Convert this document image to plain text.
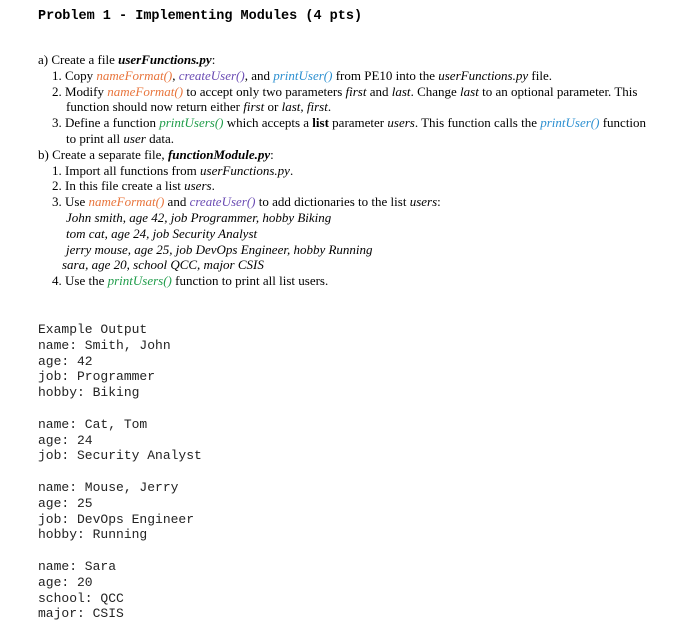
Problem 1 - Implementing Modules (4 pts)
a) Create a file userFunctions.py:
1. Copy nameFormat(), createUser(), and printUser() from PE10 into the userFunctions.py file.
2. Modify nameFormat() to accept only two parameters first and last. Change last to an optional parameter. This
function should now return either first or last, first.
3. Define a function printUsers() which accepts a list parameter users. This function calls the printUser() function
to print all user data.
b) Create a separate file, functionModule.py:
1. Import all functions from userFunctions.py.
2. In this file create a list users.
3. Use nameFormat() and createUser() to add dictionaries to the list users:
John smith, age 42, job Programmer, hobby Biking
tom cat, age 24, job Security Analyst
jerry mouse, age 25, job DevOps Engineer, hobby Running
sara, age 20, school QCC, major CSIS
4. Use the printUsers() function to print all list users.
Example Output
name: Smith, John
age: 42
job: Programmer
hobby: Biking
name: Cat, Tom
age: 24
job: Security Analyst
name: Mouse, Jerry
age: 25
job: DevOps Engineer
hobby: Running
name: Sara
age: 20
school: QCC
major: CSIS
